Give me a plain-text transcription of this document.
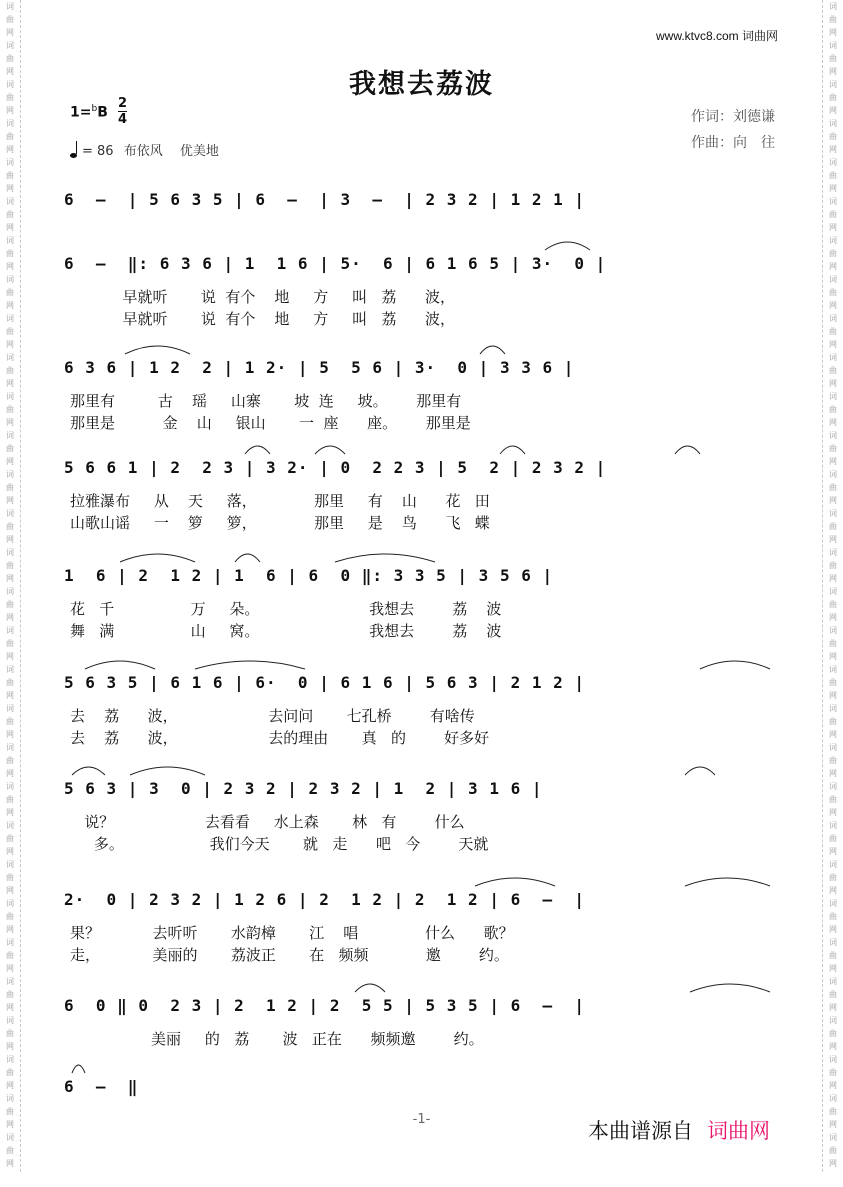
词
曲
网
词
曲
网
词
曲
网
词
曲
网
词
曲
网
词
曲
网
词
曲
网
词
曲
网
词
曲
网
词
曲
网
词
曲
网
词
曲
网
词
曲
网
词
曲
网
词
曲
网
词
曲
网
词
曲
网
词
曲
网
词
曲
网
词
曲
网
词
曲
网
词
曲
网
词
曲
网
词
曲
网
词
曲
网
词
曲
网
词
曲
网
词
曲
网
词
曲
网
词
曲
网
词
曲
网
词
曲
网
词
曲
网
词
曲
网
词
曲
网
词
曲
网
词
曲
网
词
曲
网
词
曲
网
词
曲
网
词
曲
网
词
曲
网
词
曲
网
词
曲
网
词
曲
网
词
曲
网
词
曲
网
词
曲
网
词
曲
网
词
曲
网
词
曲
网
词
曲
网
词
曲
网
词
曲
网
词
曲
网
词
曲
网
词
曲
网
词
曲
网
词
曲
网
词
曲
网
www.ktvc8.com 词曲网
我想去荔波
1=$^b$B
2
4
= 86 布依风　 优美地
作词：刘德谦
作曲：向　往
6  –  | 5 6 3 5 | 6  –  | 3  –  | 2 3 2 | 1 2 1 |
6  –  ‖: 6 3 6 | 1  1 6 | 5·  6 | 6 1 6 5 | 3·  0 |
早就听       说  有个    地     方     叫   荔      波，
早就听       说  有个    地     方     叫   荔      波，
6 3 6 | 1 2  2 | 1 2· | 5  5 6 | 3·  0 | 3 3 6 |
那里有         古    瑶     山寨       坡  连     坡。      那里有
那里是          金    山     银山       一  座      座。      那里是
5 6 6 1 | 2  2 3 | 3 2· | 0  2 2 3 | 5  2 | 2 3 2 |
拉雅瀑布     从    天     落，            那里     有    山      花   田
山歌山谣     一    箩     箩，            那里     是    鸟      飞   蝶
1  6 | 2  1 2 | 1  6 | 6  0 ‖: 3 3 5 | 3 5 6 |
花   千                万     朵。                       我想去        荔    波
舞   满                山     窝。                       我想去        荔    波
5 6 3 5 | 6 1 6 | 6·  0 | 6 1 6 | 5 6 3 | 2 1 2 |
去    荔      波，                   去问问       七孔桥        有啥传
去    荔      波，                   去的理由       真   的        好多好
5 6 3 | 3  0 | 2 3 2 | 2 3 2 | 1  2 | 3 1 6 |
说？                   去看看     水上森       林   有        什么
多。                  我们今天       就   走      吧   今        天就
2·  0 | 2 3 2 | 1 2 6 | 2  1 2 | 2  1 2 | 6  –  |
果？           去听听       水韵樟       江    唱              什么      歌？
走，           美丽的       荔波正       在   频频            邀        约。
6  0 ‖ 0  2 3 | 2  1 2 | 2  5 5 | 5 3 5 | 6  –  |
美丽     的   荔       波   正在      频频邀        约。
6  –  ‖
-1-	本曲谱源自 词曲网
